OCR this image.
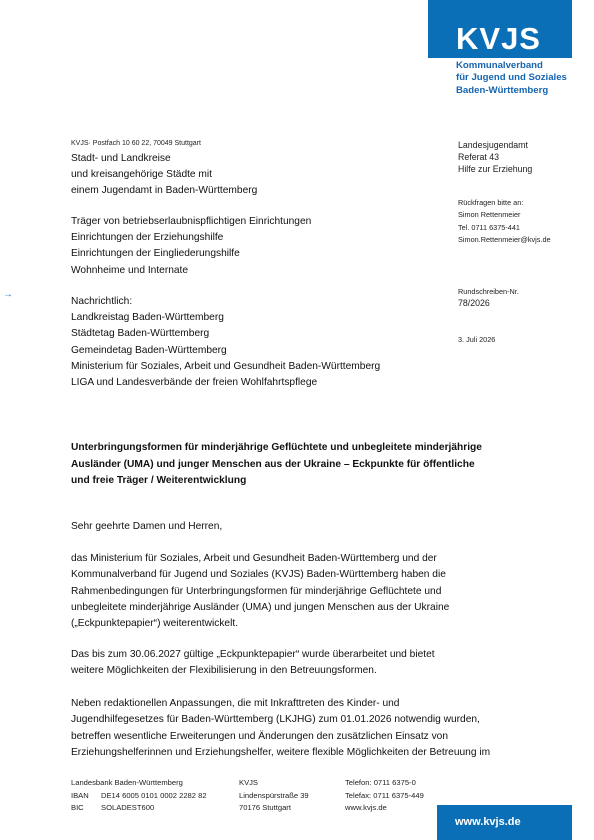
KVJS
Kommunalverband
für Jugend und Soziales
Baden-Württemberg
KVJS· Postfach 10 60 22, 70049 Stuttgart
Stadt- und Landkreise
und kreisangehörige Städte mit
einem Jugendamt in Baden-Württemberg
Träger von betriebserlaubnispflichtigen Einrichtungen
Einrichtungen der Erziehungshilfe
Einrichtungen der Eingliederungshilfe
Wohnheime und Internate
→
Nachrichtlich:
Landkreistag Baden-Württemberg
Städtetag Baden-Württemberg
Gemeindetag Baden-Württemberg
Ministerium für Soziales, Arbeit und Gesundheit Baden-Württemberg
LIGA und Landesverbände der freien Wohlfahrtspflege
Landesjugendamt
Referat 43
Hilfe zur Erziehung
Rückfragen bitte an:
Simon Rettenmeier
Tel. 0711 6375-441
Simon.Rettenmeier@kvjs.de
Rundschreiben-Nr.
78/2026
3. Juli 2026
Unterbringungsformen für minderjährige Geflüchtete und unbegleitete minderjährige
Ausländer (UMA) und junger Menschen aus der Ukraine – Eckpunkte für öffentliche
und freie Träger / Weiterentwicklung
Sehr geehrte Damen und Herren,
das Ministerium für Soziales, Arbeit und Gesundheit Baden-Württemberg und der
Kommunalverband für Jugend und Soziales (KVJS) Baden-Württemberg haben die
Rahmenbedingungen für Unterbringungsformen für minderjährige Geflüchtete und
unbegleitete minderjährige Ausländer (UMA) und jungen Menschen aus der Ukraine
(„Eckpunktepapier“) weiterentwickelt.
Das bis zum 30.06.2027 gültige „Eckpunktepapier“ wurde überarbeitet und bietet
weitere Möglichkeiten der Flexibilisierung in den Betreuungsformen.
Neben redaktionellen Anpassungen, die mit Inkrafttreten des Kinder- und
Jugendhilfegesetzes für Baden-Württemberg (LKJHG) zum 01.01.2026 notwendig wurden,
betreffen wesentliche Erweiterungen und Änderungen den zusätzlichen Einsatz von
Erziehungshelferinnen und Erziehungshelfer, weitere flexible Möglichkeiten der Betreuung im
Landesbank Baden-Württemberg
IBAN	DE14 6005 0101 0002 2282 82
BIC	SOLADEST600
KVJS
Lindenspürstraße 39
70176 Stuttgart
Telefon: 0711 6375-0
Telefax: 0711 6375-449
www.kvjs.de
www.kvjs.de
